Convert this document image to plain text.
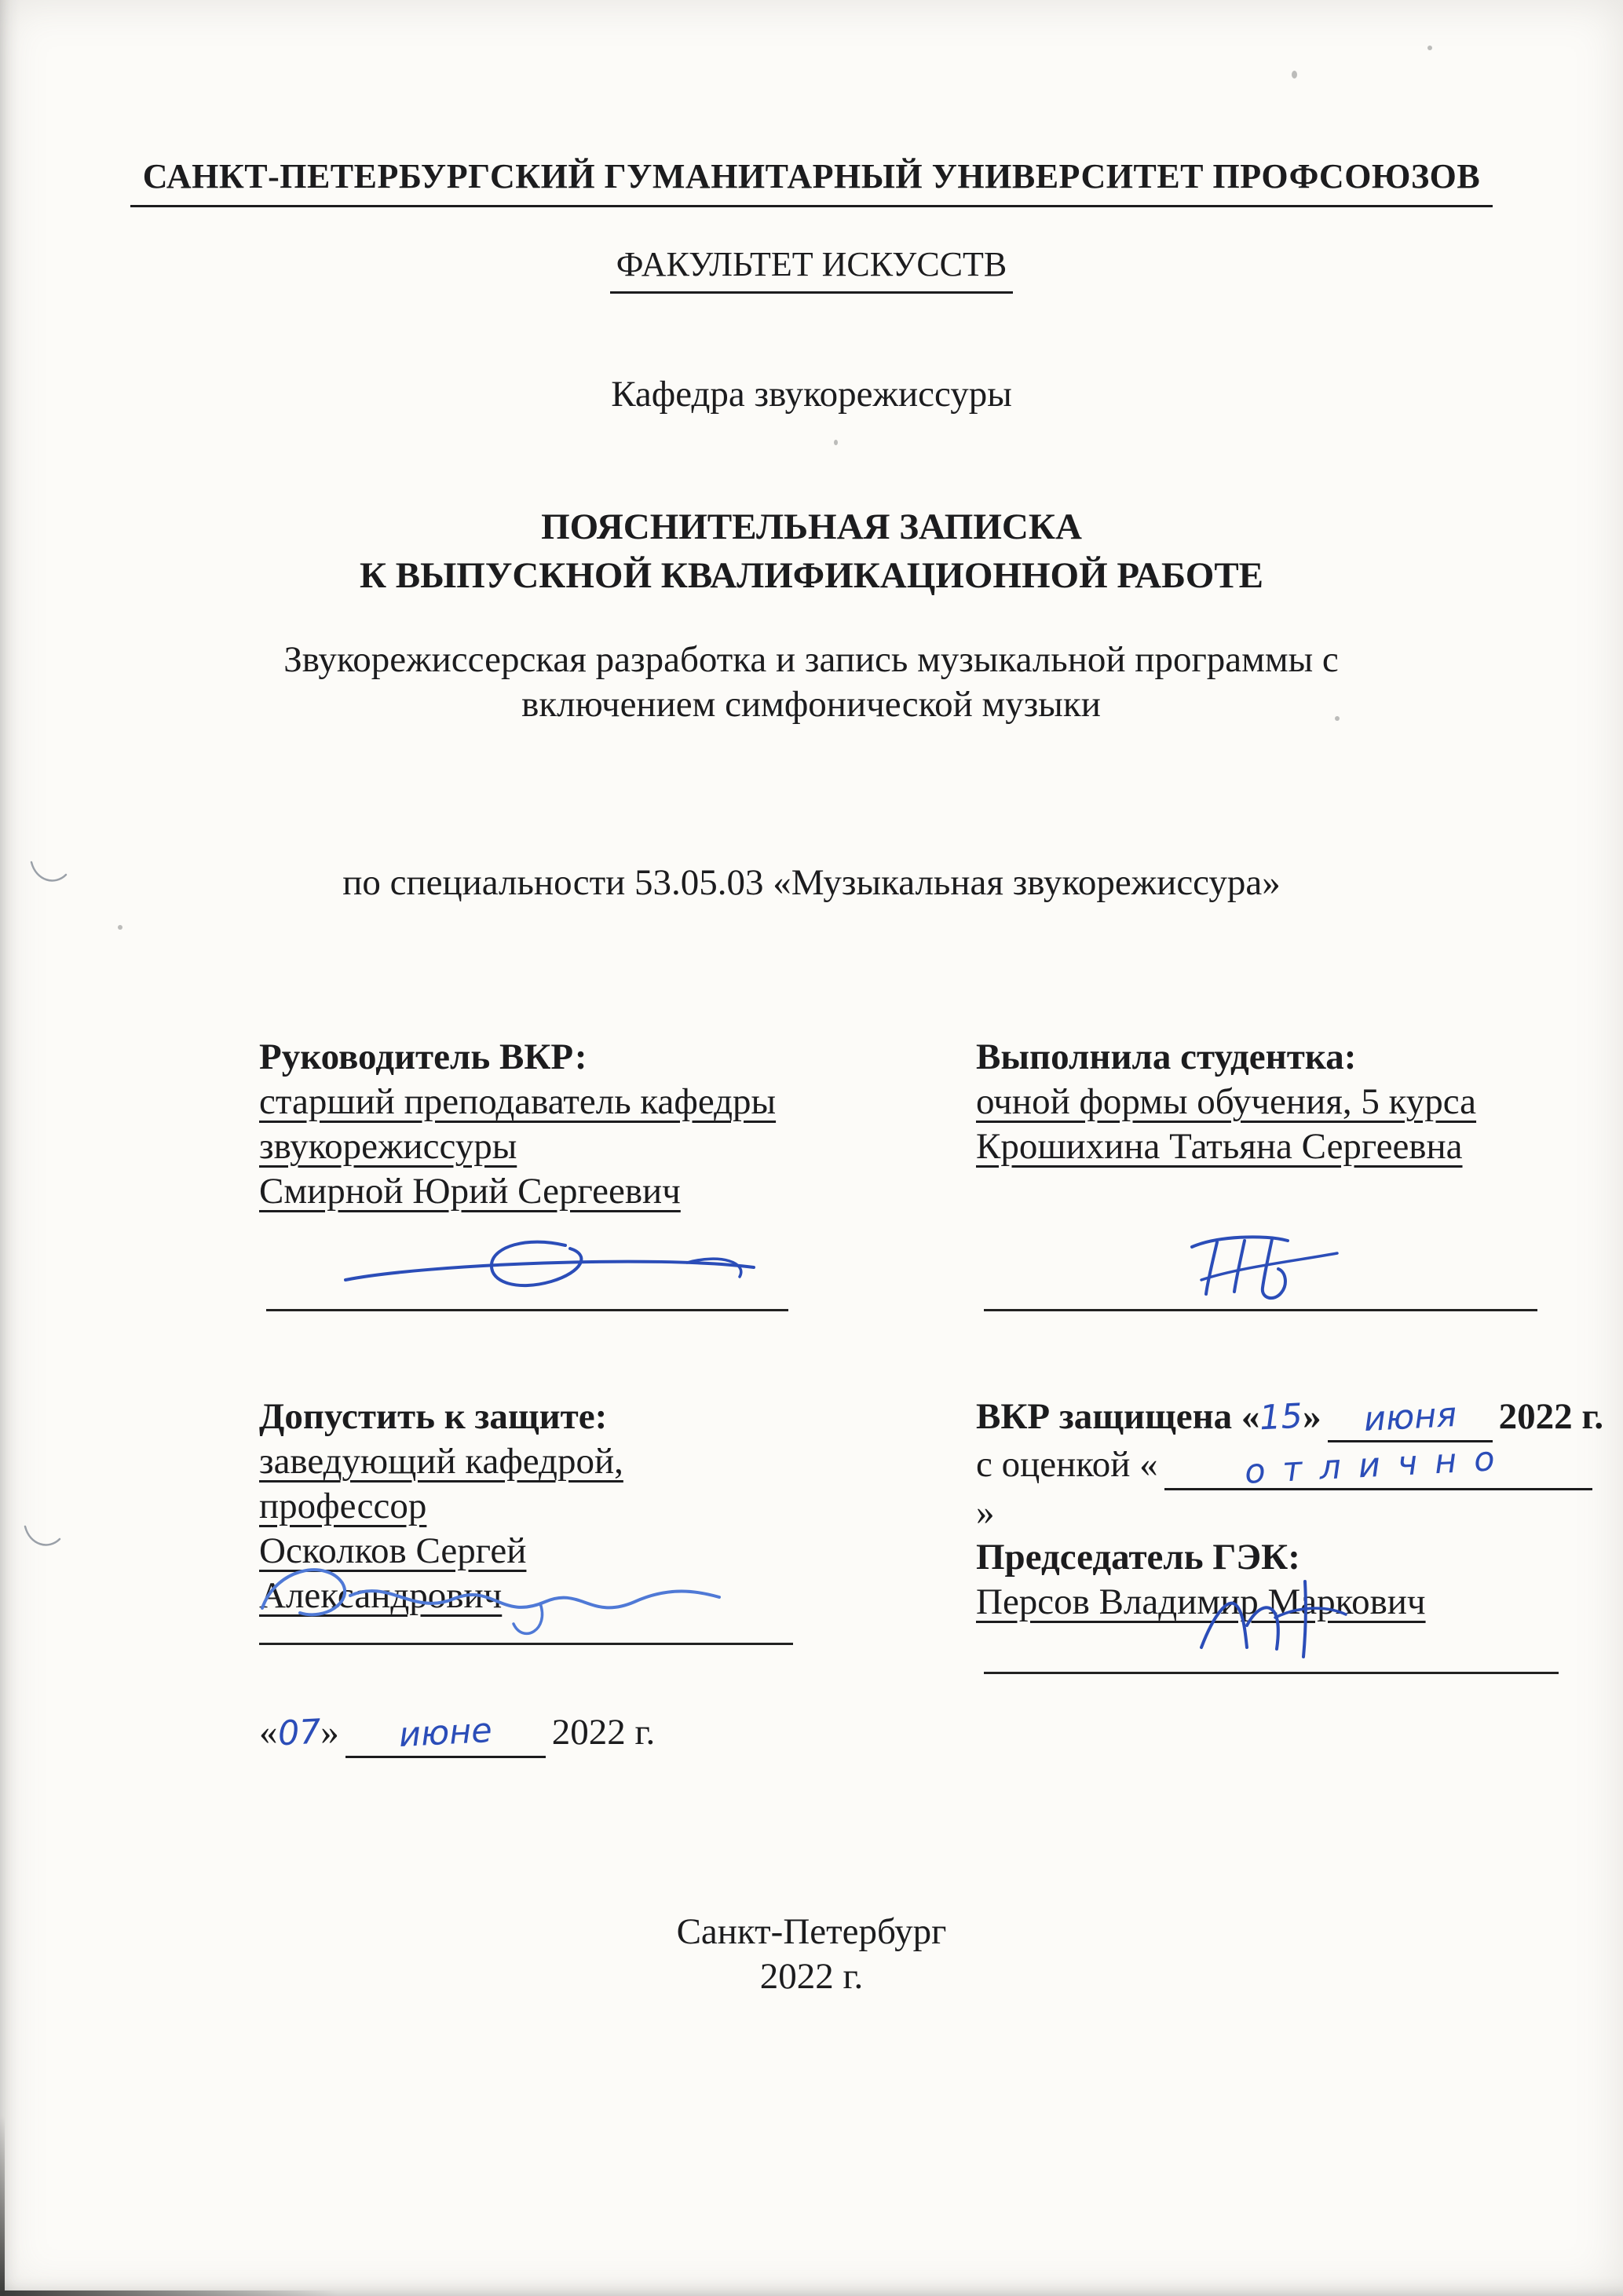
САНКТ-ПЕТЕРБУРГСКИЙ ГУМАНИТАРНЫЙ УНИВЕРСИТЕТ ПРОФСОЮЗОВ
ФАКУЛЬТЕТ ИСКУССТВ
Кафедра звукорежиссуры
ПОЯСНИТЕЛЬНАЯ ЗАПИСКА
К ВЫПУСКНОЙ КВАЛИФИКАЦИОННОЙ РАБОТЕ
Звукорежиссерская разработка и запись музыкальной программы с включением симфонической музыки
по специальности 53.05.03 «Музыкальная звукорежиссура»
Руководитель ВКР:
старший преподаватель кафедры звукорежиссуры
Смирной Юрий Сергеевич
Выполнила студентка:
очной формы обучения, 5 курса
Крошихина Татьяна Сергеевна
Допустить к защите:
заведующий кафедрой, профессор
Осколков Сергей Александрович
ВКР защищена «15» июня 2022 г.
с оценкой «	отлично»
Председатель ГЭК:
Персов Владимир Маркович
«07» июне 2022 г.
Санкт-Петербург
2022 г.
